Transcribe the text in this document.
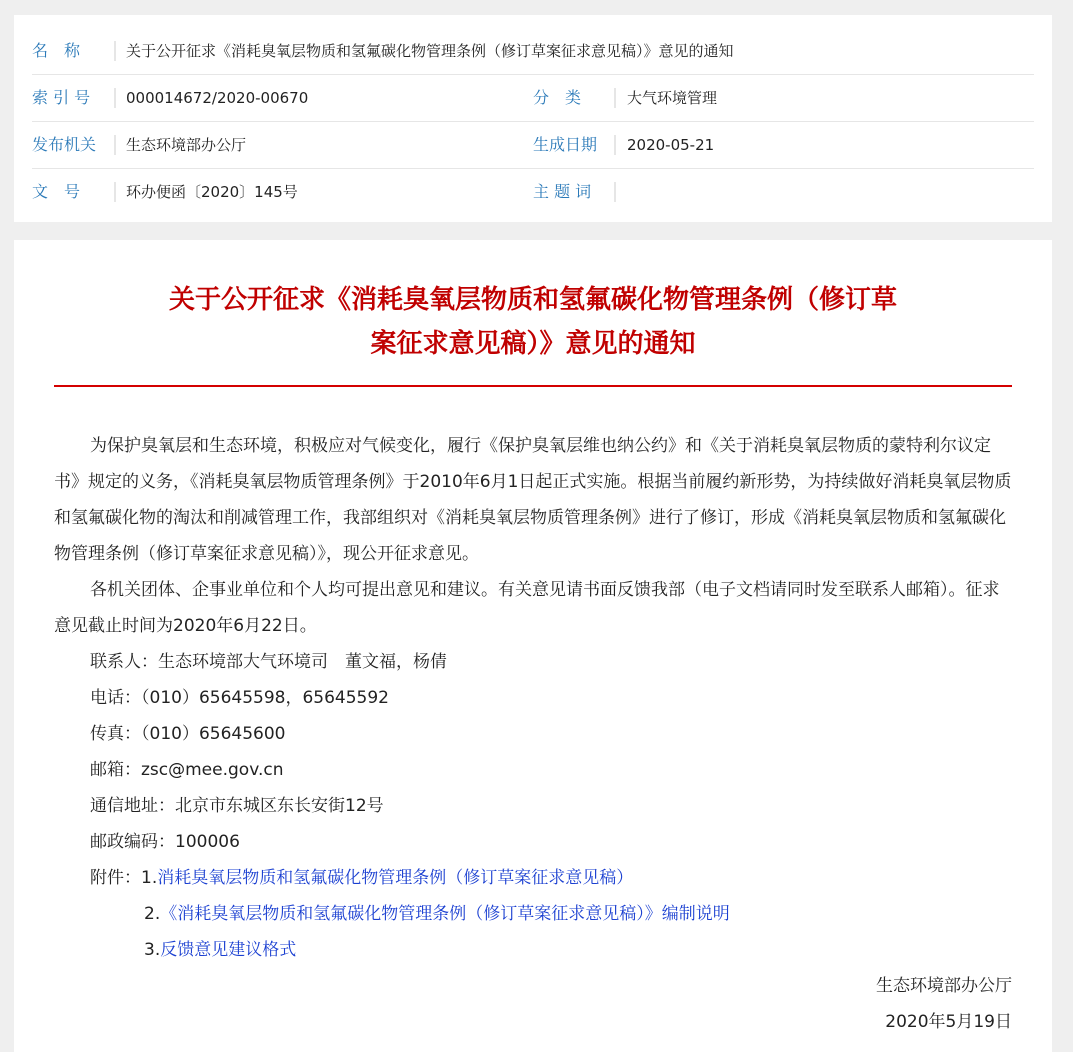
名　称	关于公开征求《消耗臭氧层物质和氢氟碳化物管理条例（修订草案征求意见稿）》意见的通知
索 引 号	000014672/2020-00670	分　类	大气环境管理
发布机关	生态环境部办公厅	生成日期	2020-05-21
文　号	环办便函〔2020〕145号	主 题 词
关于公开征求《消耗臭氧层物质和氢氟碳化物管理条例（修订草
案征求意见稿）》意见的通知

为保护臭氧层和生态环境，积极应对气候变化，履行《保护臭氧层维也纳公约》和《关于消耗臭氧层物质的蒙特利尔议定书》规定的义务，《消耗臭氧层物质管理条例》于2010年6月1日起正式实施。根据当前履约新形势，为持续做好消耗臭氧层物质和氢氟碳化物的淘汰和削减管理工作，我部组织对《消耗臭氧层物质管理条例》进行了修订，形成《消耗臭氧层物质和氢氟碳化物管理条例（修订草案征求意见稿）》，现公开征求意见。

各机关团体、企事业单位和个人均可提出意见和建议。有关意见请书面反馈我部（电子文档请同时发至联系人邮箱）。征求意见截止时间为2020年6月22日。

联系人：生态环境部大气环境司　董文福，杨倩

电话：（010）65645598，65645592

传真：（010）65645600

邮箱：zsc@mee.gov.cn

通信地址：北京市东城区东长安街12号

邮政编码：100006

附件：1.消耗臭氧层物质和氢氟碳化物管理条例（修订草案征求意见稿）

2.《消耗臭氧层物质和氢氟碳化物管理条例（修订草案征求意见稿）》编制说明

3.反馈意见建议格式

生态环境部办公厅

2020年5月19日
